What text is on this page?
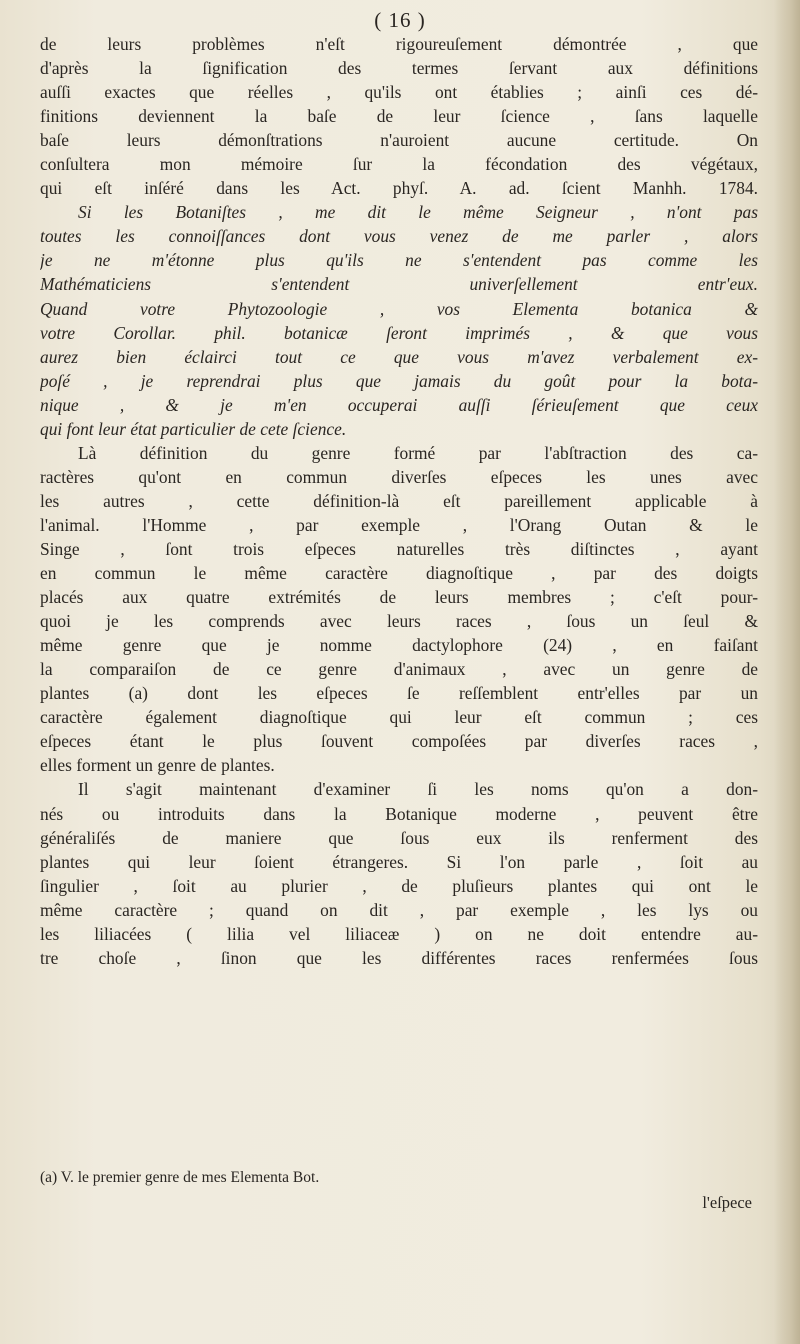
( 16 )
de leurs problèmes n'eſt rigoureuſement démontrée , que
d'après la ſignification des termes ſervant aux définitions
auſſi exactes que réelles , qu'ils ont établies ; ainſi ces dé-
finitions deviennent la baſe de leur ſcience , ſans laquelle
baſe leurs démonſtrations n'auroient aucune certitude. On
conſultera mon mémoire ſur la fécondation des végétaux,
qui eſt inſéré dans les Act. phyſ. A. ad. ſcient Manhh. 1784.
Si les Botaniſtes , me dit le même Seigneur , n'ont pas
toutes les connoiſſances dont vous venez de me parler , alors
je ne m'étonne plus qu'ils ne s'entendent pas comme les
Mathématiciens s'entendent univerſellement entr'eux.
Quand votre Phytozoologie , vos Elementa botanica &
votre Corollar. phil. botanicæ ſeront imprimés , & que vous
aurez bien éclairci tout ce que vous m'avez verbalement ex-
poſé , je reprendrai plus que jamais du goût pour la bota-
nique , & je m'en occuperai auſſi ſérieuſement que ceux
qui font leur état particulier de cete ſcience.
Là définition du genre formé par l'abſtraction des ca-
ractères qu'ont en commun diverſes eſpeces les unes avec
les autres , cette définition-là eſt pareillement applicable à
l'animal. l'Homme , par exemple , l'Orang Outan & le
Singe , ſont trois eſpeces naturelles très diſtinctes , ayant
en commun le même caractère diagnoſtique , par des doigts
placés aux quatre extrémités de leurs membres ; c'eſt pour-
quoi je les comprends avec leurs races , ſous un ſeul &
même genre que je nomme dactylophore (24) , en faiſant
la comparaiſon de ce genre d'animaux , avec un genre de
plantes (a) dont les eſpeces ſe reſſemblent entr'elles par un
caractère également diagnoſtique qui leur eſt commun ; ces
eſpeces étant le plus ſouvent compoſées par diverſes races ,
elles forment un genre de plantes.
Il s'agit maintenant d'examiner ſi les noms qu'on a don-
nés ou introduits dans la Botanique moderne , peuvent être
généraliſés de maniere que ſous eux ils renferment des
plantes qui leur ſoient étrangeres. Si l'on parle , ſoit au
ſingulier , ſoit au plurier , de pluſieurs plantes qui ont le
même caractère ; quand on dit , par exemple , les lys ou
les liliacées ( lilia vel liliaceæ ) on ne doit entendre au-
tre choſe , ſinon que les différentes races renfermées ſous
(a) V. le premier genre de mes Elementa Bot.
l'eſpece
